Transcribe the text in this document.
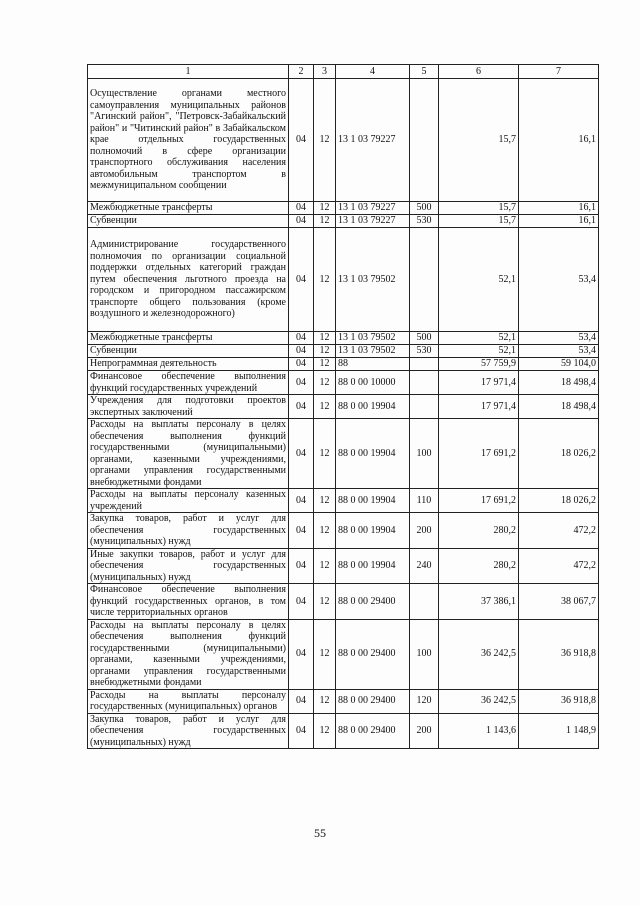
1	2	3	4	5	6	7
Осуществление органами местного самоуправления муниципальных районов "Агинский район", "Петровск-Забайкальский район" и "Читинский район" в Забайкальском крае отдельных государственных полномочий в сфере организации транспортного обслуживания населения автомобильным транспортом в межмуниципальном сообщении	04	12	13 1 03 79227		15,7	16,1
Межбюджетные трансферты	04	12	13 1 03 79227	500	15,7	16,1
Субвенции	04	12	13 1 03 79227	530	15,7	16,1
Администрирование государственного полномочия по организации социальной поддержки отдельных категорий граждан путем обеспечения льготного проезда на городском и пригородном пассажирском транспорте общего пользования (кроме воздушного и железнодорожного)	04	12	13 1 03 79502		52,1	53,4
Межбюджетные трансферты	04	12	13 1 03 79502	500	52,1	53,4
Субвенции	04	12	13 1 03 79502	530	52,1	53,4
Непрограммная деятельность	04	12	88		57 759,9	59 104,0
Финансовое обеспечение выполнения функций государственных учреждений	04	12	88 0 00 10000		17 971,4	18 498,4
Учреждения для подготовки проектов экспертных заключений	04	12	88 0 00 19904		17 971,4	18 498,4
Расходы на выплаты персоналу в целях обеспечения выполнения функций государственными (муниципальными) органами, казенными учреждениями, органами управления государственными внебюджетными фондами	04	12	88 0 00 19904	100	17 691,2	18 026,2
Расходы на выплаты персоналу казенных учреждений	04	12	88 0 00 19904	110	17 691,2	18 026,2
Закупка товаров, работ и услуг для обеспечения государственных (муниципальных) нужд	04	12	88 0 00 19904	200	280,2	472,2
Иные закупки товаров, работ и услуг для обеспечения государственных (муниципальных) нужд	04	12	88 0 00 19904	240	280,2	472,2
Финансовое обеспечение выполнения функций государственных органов, в том числе территориальных органов	04	12	88 0 00 29400		37 386,1	38 067,7
Расходы на выплаты персоналу в целях обеспечения выполнения функций государственными (муниципальными) органами, казенными учреждениями, органами управления государственными внебюджетными фондами	04	12	88 0 00 29400	100	36 242,5	36 918,8
Расходы на выплаты персоналу государственных (муниципальных) органов	04	12	88 0 00 29400	120	36 242,5	36 918,8
Закупка товаров, работ и услуг для обеспечения государственных (муниципальных) нужд	04	12	88 0 00 29400	200	1 143,6	1 148,9
55
